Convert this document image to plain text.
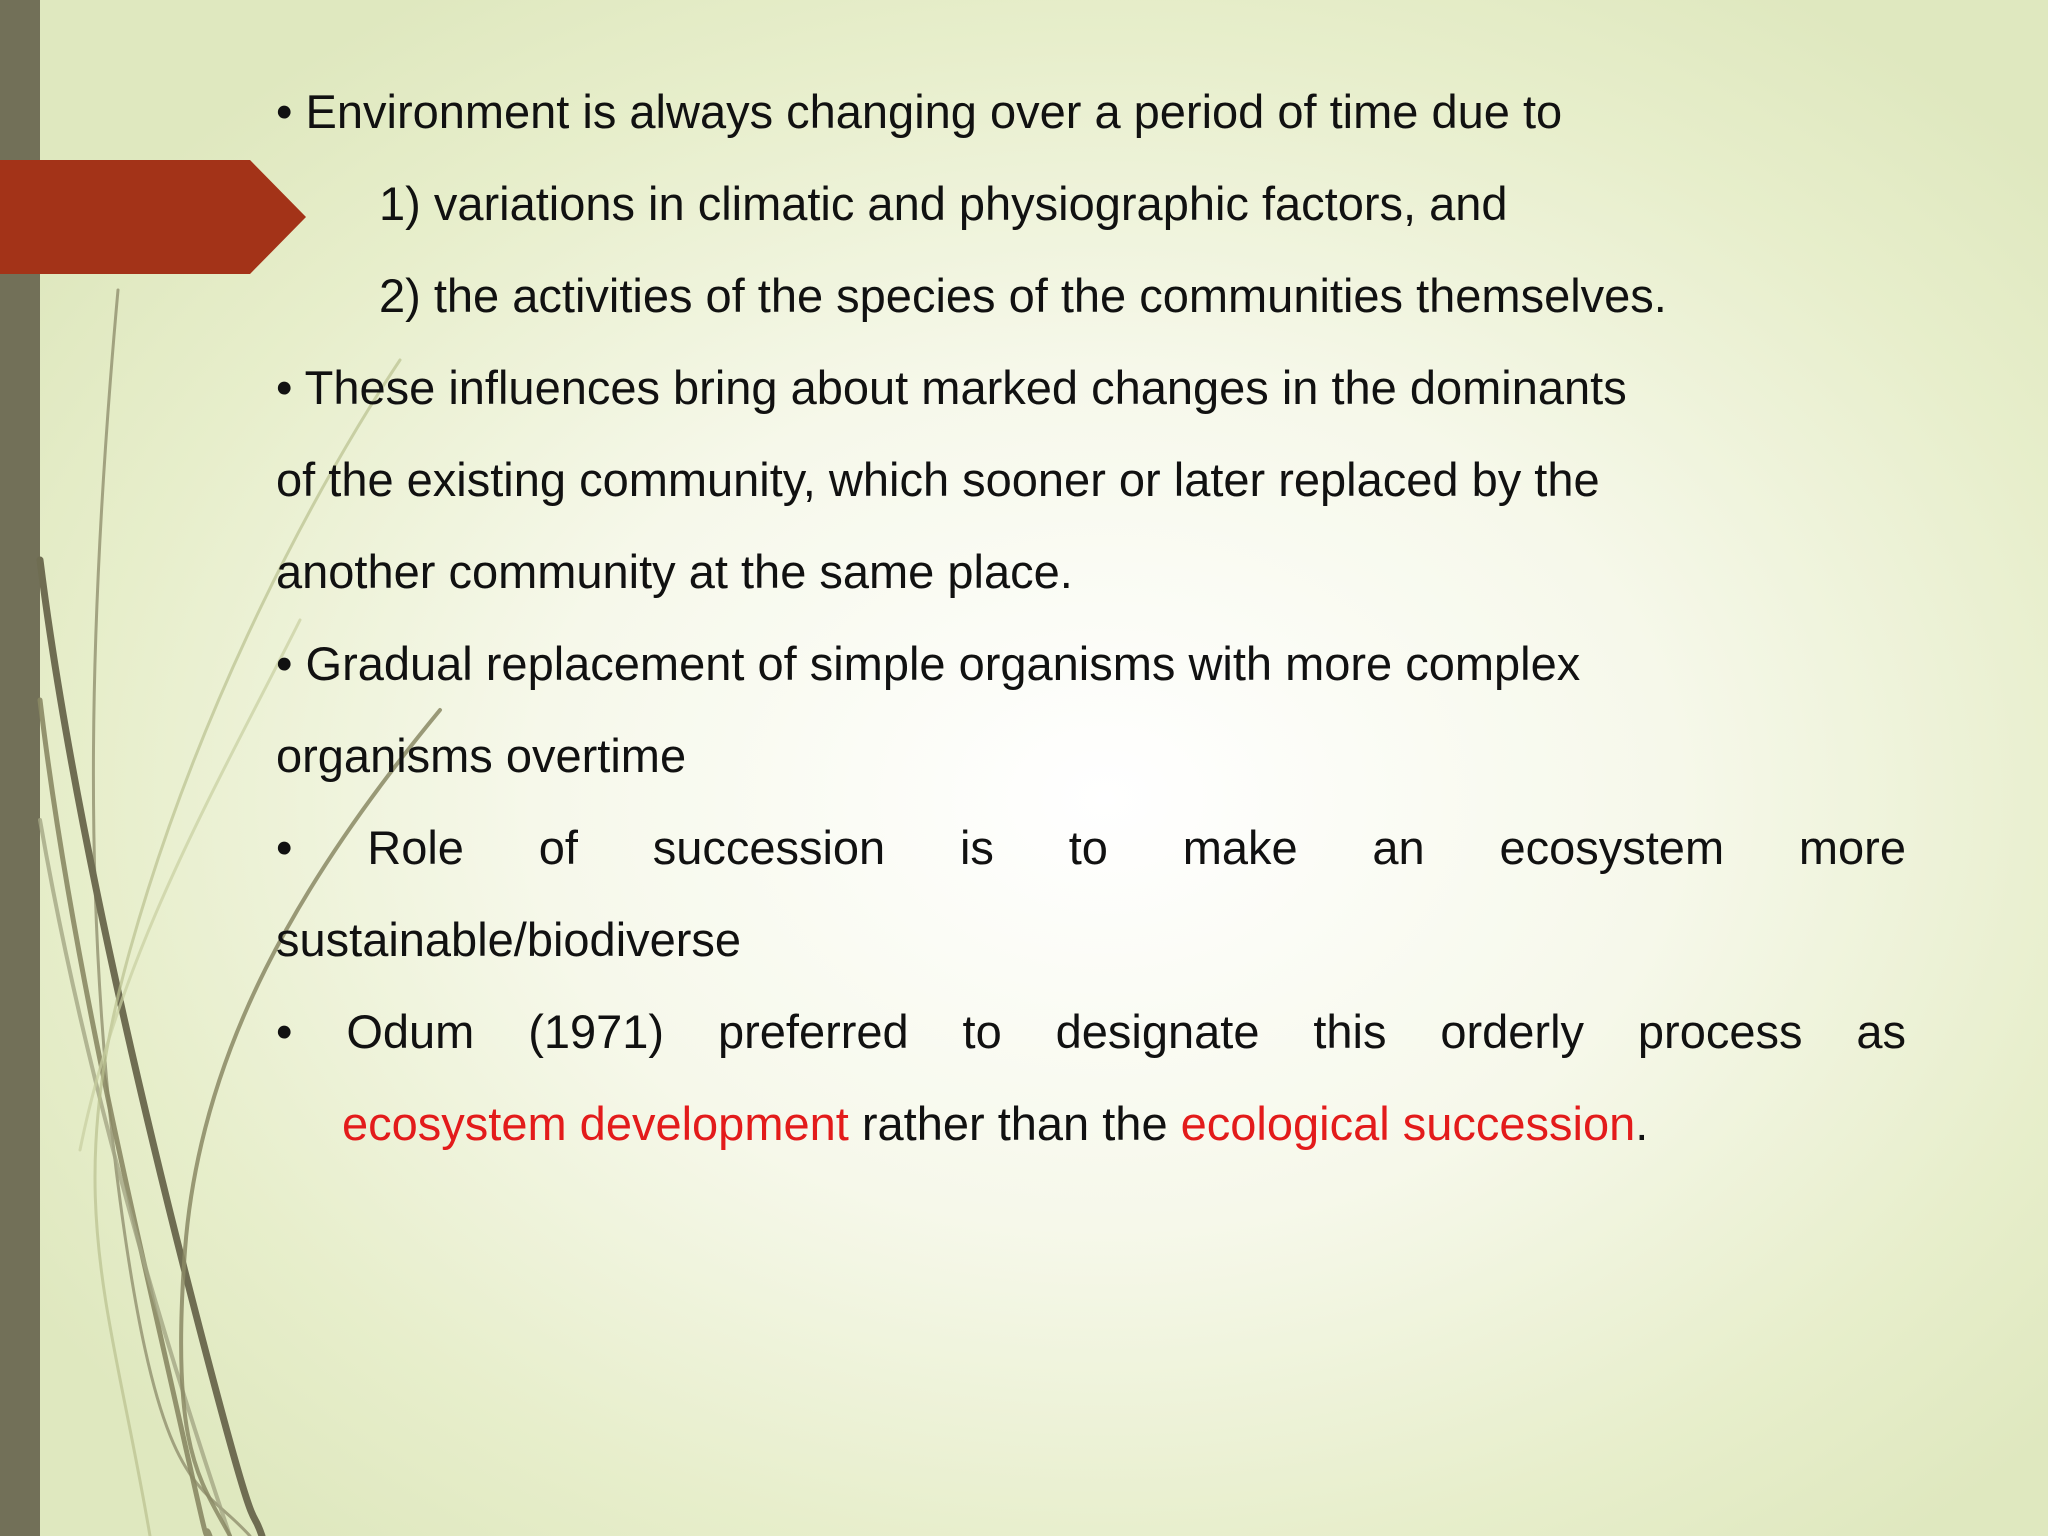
• Environment is always changing over a period of time due to
1) variations in climatic and physiographic factors, and
2) the activities of the species of the communities themselves.
• These influences bring about marked changes in the dominants
of the existing community, which sooner or later replaced by the
another community at the same place.
• Gradual replacement of simple organisms with more complex
organisms overtime
• Role of succession is to make an ecosystem more
sustainable/biodiverse
• Odum (1971) preferred to designate this orderly process as
ecosystem development rather than the ecological succession.
